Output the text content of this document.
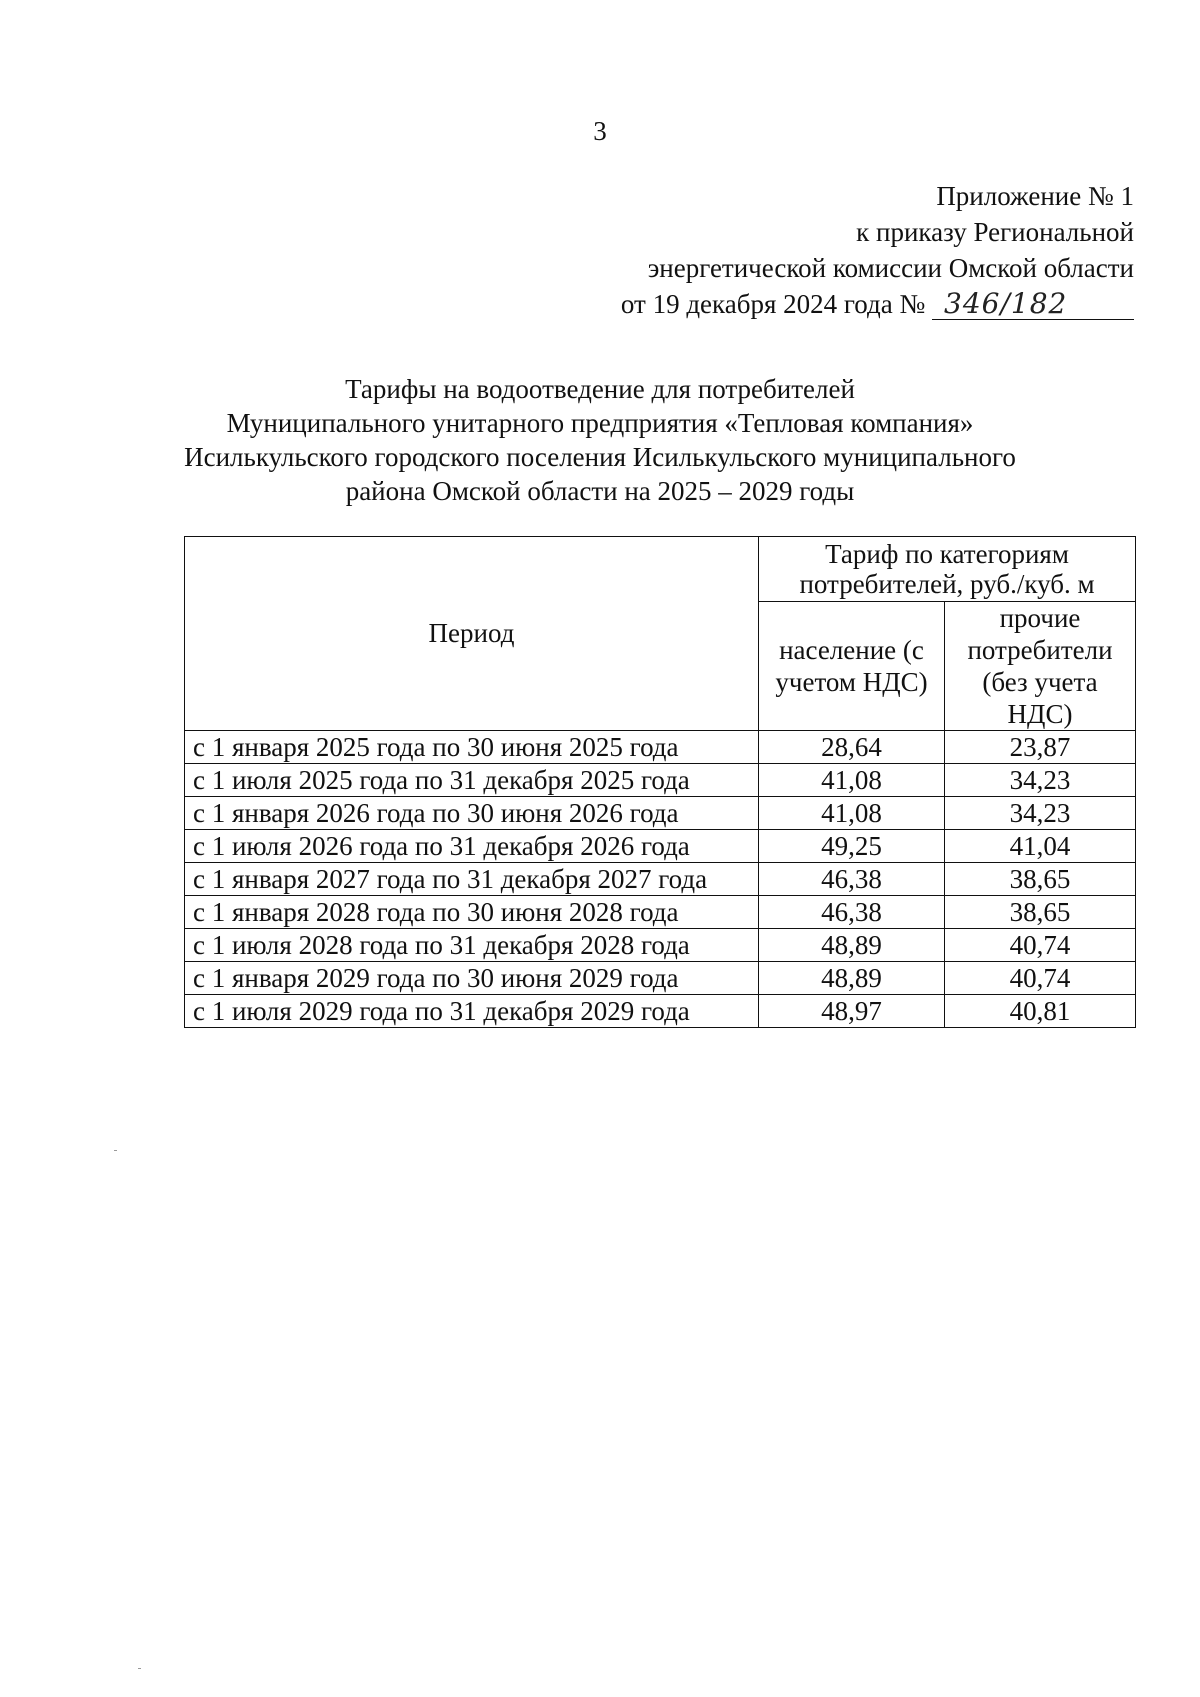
3
Приложение № 1
к приказу Региональной
энергетической комиссии Омской области
от 19 декабря 2024 года № 346/182
Тарифы на водоотведение для потребителей
Муниципального унитарного предприятия «Тепловая компания»
Исилькульского городского поселения Исилькульского муниципального
района Омской области на 2025 – 2029 годы
Период	Тариф по категориям потребителей, руб./куб. м	
	население (с учетом НДС)	прочие потребители (без учета НДС)
с 1 января 2025 года по 30 июня 2025 года	28,64	23,87
с 1 июля 2025 года по 31 декабря 2025 года	41,08	34,23
с 1 января 2026 года по 30 июня 2026 года	41,08	34,23
с 1 июля 2026 года по 31 декабря 2026 года	49,25	41,04
с 1 января 2027 года по 31 декабря 2027 года	46,38	38,65
с 1 января 2028 года по 30 июня 2028 года	46,38	38,65
с 1 июля 2028 года по 31 декабря 2028 года	48,89	40,74
с 1 января 2029 года по 30 июня 2029 года	48,89	40,74
с 1 июля 2029 года по 31 декабря 2029 года	48,97	40,81
